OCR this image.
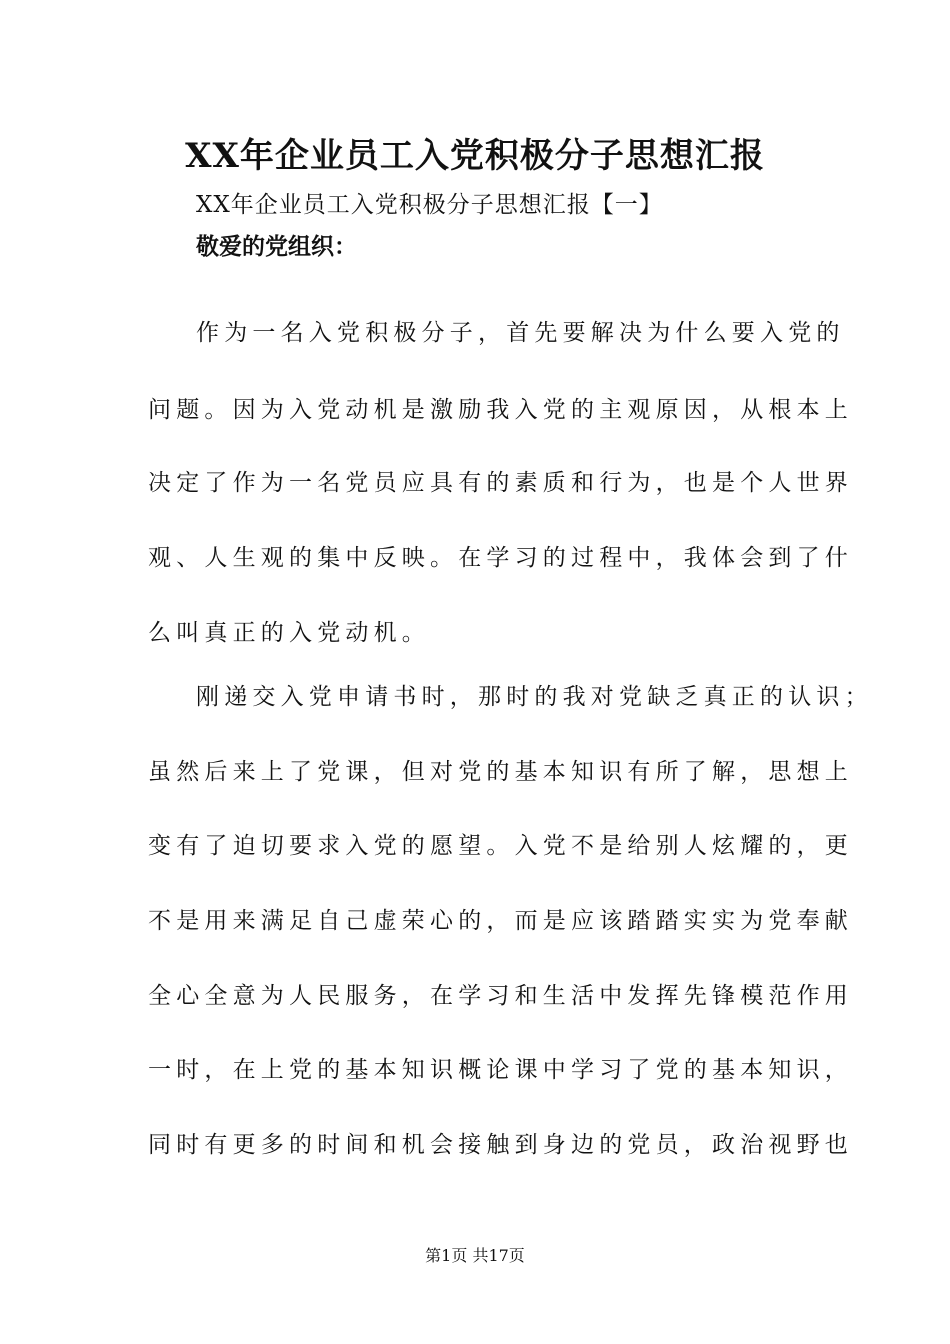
XX年企业员工入党积极分子思想汇报
XX年企业员工入党积极分子思想汇报【一】
敬爱的党组织：
作为一名入党积极分子，首先要解决为什么要入党的
问题。因为入党动机是激励我入党的主观原因，从根本上
决定了作为一名党员应具有的素质和行为，也是个人世界
观、人生观的集中反映。在学习的过程中，我体会到了什
么叫真正的入党动机。
刚递交入党申请书时，那时的我对党缺乏真正的认识；
虽然后来上了党课，但对党的基本知识有所了解，思想上
变有了迫切要求入党的愿望。入党不是给别人炫耀的，更
不是用来满足自己虚荣心的，而是应该踏踏实实为党奉献
全心全意为人民服务，在学习和生活中发挥先锋模范作用
一时，在上党的基本知识概论课中学习了党的基本知识，
同时有更多的时间和机会接触到身边的党员，政治视野也
第1页 共17页
